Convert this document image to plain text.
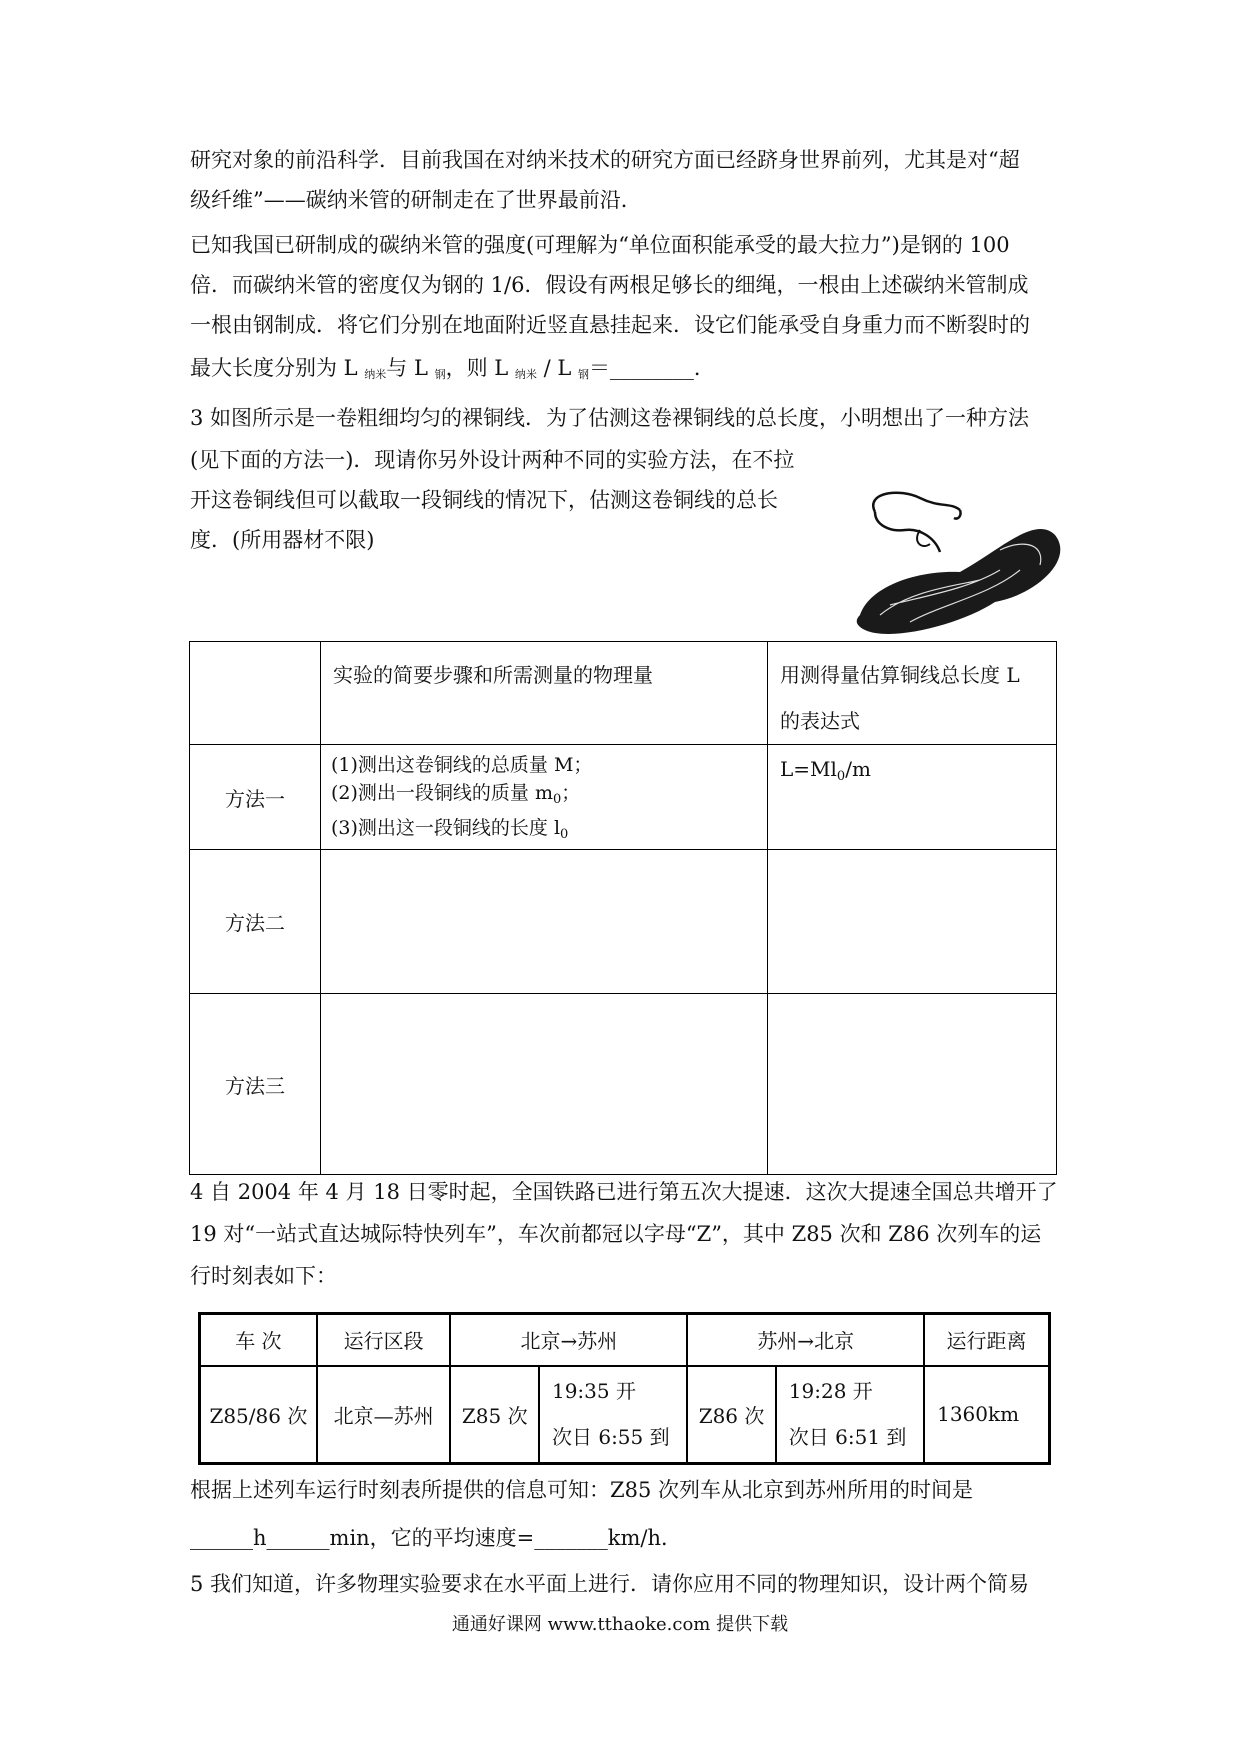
研究对象的前沿科学．目前我国在对纳米技术的研究方面已经跻身世界前列，尤其是对“超

级纤维”——碳纳米管的研制走在了世界最前沿．

已知我国已研制成的碳纳米管的强度(可理解为“单位面积能承受的最大拉力”)是钢的 100

倍．而碳纳米管的密度仅为钢的 1/6．假设有两根足够长的细绳，一根由上述碳纳米管制成

一根由钢制成．将它们分别在地面附近竖直悬挂起来．设它们能承受自身重力而不断裂时的

最大长度分别为 L $_{纳米}$与 L $_钢$，则 L $_{纳米}$ / L $_钢$＝________．

3 如图所示是一卷粗细均匀的裸铜线．为了估测这卷裸铜线的总长度，小明想出了一种方法

(见下面的方法一)．现请你另外设计两种不同的实验方法，在不拉

开这卷铜线但可以截取一段铜线的情况下，估测这卷铜线的总长

度．(所用器材不限)

	实验的简要步骤和所需测量的物理量	用测得量估算铜线总长度 L
的表达式

方法一	(1)测出这卷铜线的总质量 M；
(2)测出一段铜线的质量 $m_0$；
(3)测出这一段铜线的长度 $l_0$	$L=Ml_0/m$

方法二		
方法三		

4 自 2004 年 4 月 18 日零时起，全国铁路已进行第五次大提速．这次大提速全国总共增开了

19 对“一站式直达城际特快列车”，车次前都冠以字母“Z”，其中 Z85 次和 Z86 次列车的运

行时刻表如下：

车 次	运行区段	北京→苏州		苏州→北京		运行距离
Z85/86 次	北京—苏州	Z85 次	19:35 开
次日 6:55 到	Z86 次	19:28 开
次日 6:51 到	1360km

根据上述列车运行时刻表所提供的信息可知：Z85 次列车从北京到苏州所用的时间是

______h______min，它的平均速度=_______km/h．

5 我们知道，许多物理实验要求在水平面上进行．请你应用不同的物理知识，设计两个简易

通通好课网 www.tthaoke.com 提供下载
